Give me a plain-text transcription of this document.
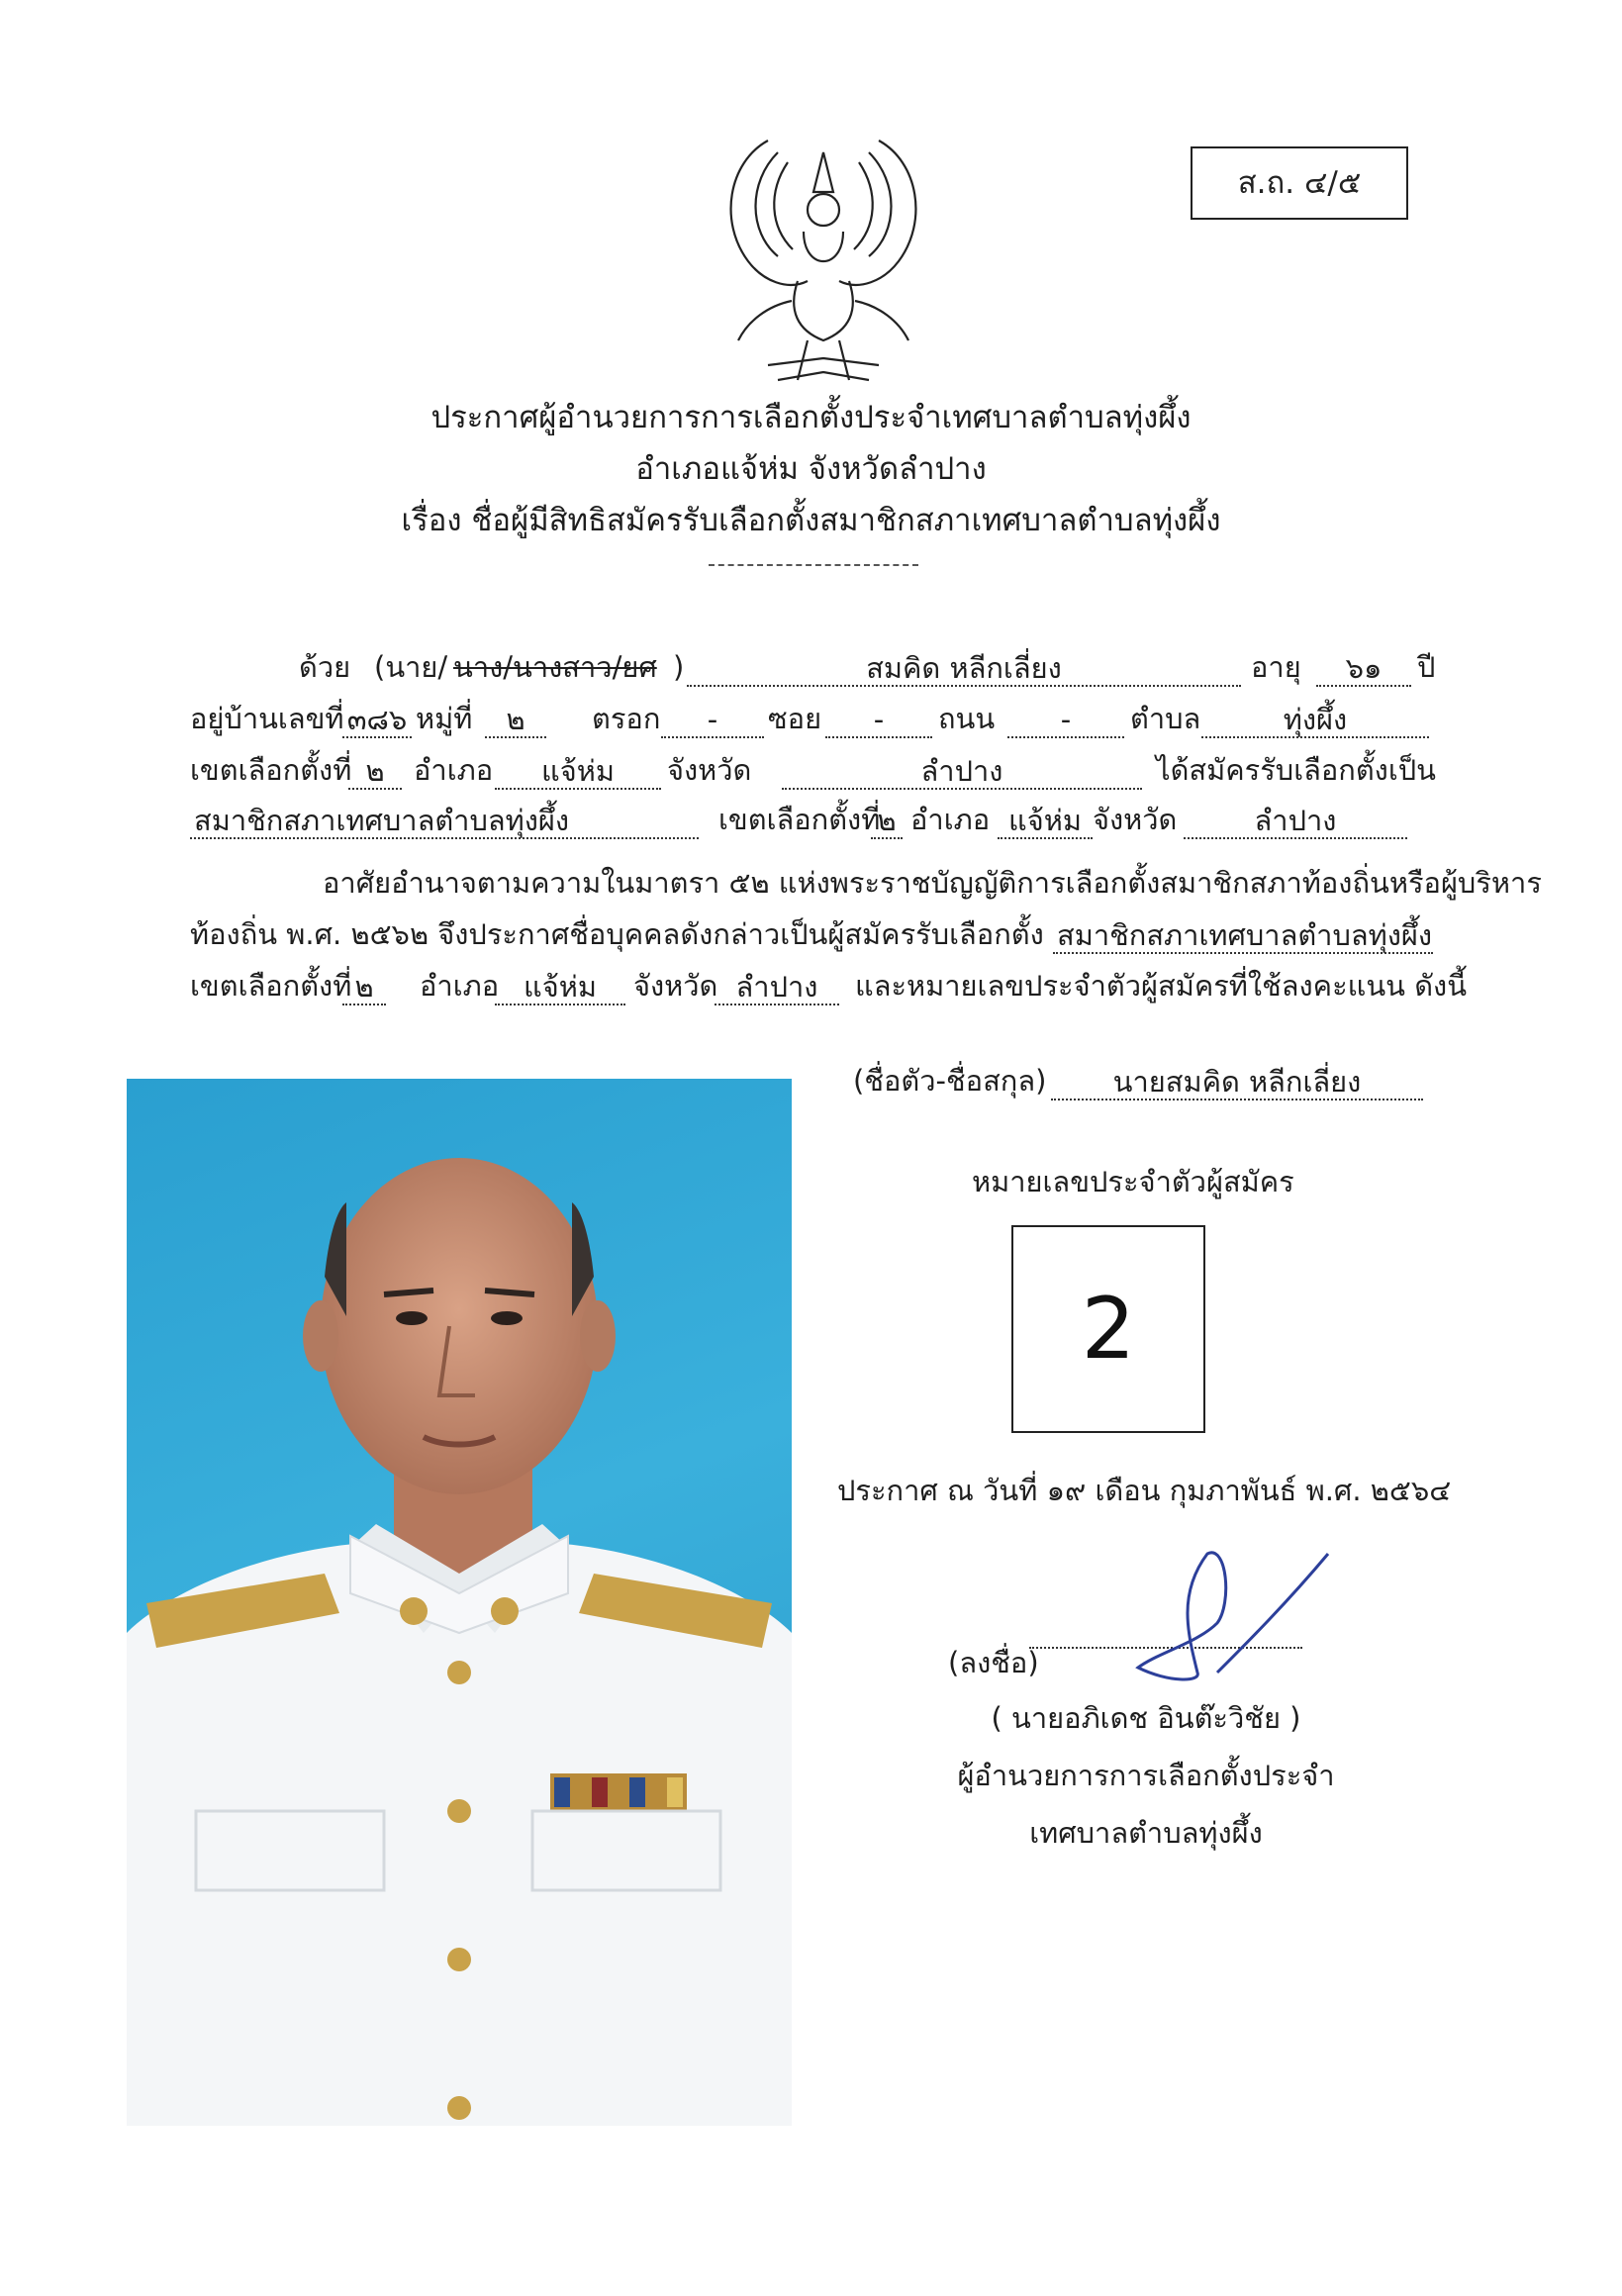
ส.ถ. ๔/๕
ประกาศผู้อำนวยการการเลือกตั้งประจำเทศบาลตำบลทุ่งผึ้ง
อำเภอแจ้ห่ม จังหวัดลำปาง
เรื่อง ชื่อผู้มีสิทธิสมัครรับเลือกตั้งสมาชิกสภาเทศบาลตำบลทุ่งผึ้ง
ด้วย (นาย/ นาง/นางสาว/ยศ )	สมคิด หลีกเลี่ยง	อายุ	๖๑	ปี
อยู่บ้านเลขที่ ๓๘๖ หมู่ที่	๒	ตรอก	-	ซอย	-	ถนน	-	ตำบล	ทุ่งผึ้ง
เขตเลือกตั้งที่ ๒	อำเภอ	แจ้ห่ม	จังหวัด	ลำปาง	ได้สมัครรับเลือกตั้งเป็น
สมาชิกสภาเทศบาลตำบลทุ่งผึ้ง	เขตเลือกตั้งที่
๒ อำเภอ แจ้ห่ม จังหวัด	ลำปาง
อาศัยอำนาจตามความในมาตรา ๕๒ แห่งพระราชบัญญัติการเลือกตั้งสมาชิกสภาท้องถิ่นหรือผู้บริหาร
ท้องถิ่น พ.ศ. ๒๕๖๒ จึงประกาศชื่อบุคคลดังกล่าวเป็นผู้สมัครรับเลือกตั้ง สมาชิกสภาเทศบาลตำบลทุ่งผึ้ง
เขตเลือกตั้งที่ ๒	อำเภอ แจ้ห่ม	จังหวัด ลำปาง	และหมายเลขประจำตัวผู้สมัครที่ใช้ลงคะแนน ดังนี้
(ชื่อตัว-ชื่อสกุล)	นายสมคิด หลีกเลี่ยง
หมายเลขประจำตัวผู้สมัคร
2
ประกาศ ณ วันที่ ๑๙ เดือน กุมภาพันธ์ พ.ศ. ๒๕๖๔
(ลงชื่อ)
( นายอภิเดช อินต๊ะวิชัย )
ผู้อำนวยการการเลือกตั้งประจำ
เทศบาลตำบลทุ่งผึ้ง
